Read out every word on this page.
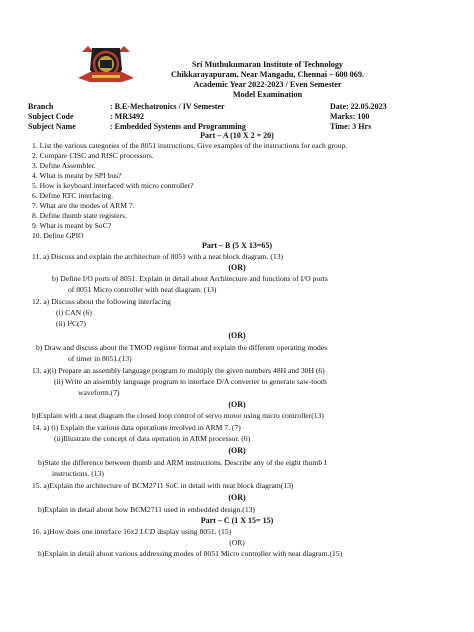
Sri Muthukumaran Institute of Technology
Chikkarayapuram, Near Mangadu, Chennai – 600 069.
Academic Year 2022-2023 / Even Semester
Model Examination
Branch	: B.E-Mechatronics / IV Semester	Date: 22.05.2023
Subject Code	: MR3492	Marks: 100
Subject Name	: Embedded Systems and Programming	Time: 3 Hrs
Part – A (10 X 2 = 20)
1. List the various categories of the 8051 instructions. Give examples of the instructions for each group.
2. Compare CISC and RISC processors.
3. Define Assembler.
4. What is meant by SPI bus?
5. How is keyboard interfaced with micro controller?
6. Define RTC interfacing.
7. What are the modes of ARM 7.
8. Define thumb state registers.
9. What is meant by SoC?
10. Define GPIO
Part – B (5 X 13=65)
11. a) Discuss and explain the architecture of 8051 with a neat block diagram. (13)
(OR)
b) Define I/O ports of 8051. Explain in detail about Architecture and functions of I/O ports
of 8051 Micro controller with neat diagram. (13)
12. a) Discuss about the following interfacing
(i) CAN (6)
(ii) I²C(7)
(OR)
b) Draw and discuss about the TMOD register format and explain the different operating modes
of timer in 8051.(13)
13. a)(i) Prepare an assembly language program to multiply the given numbers 48H and 30H (6)
(ii) Write an assembly language program to interface D/A converter to generate saw-tooth
waveform.(7)
(OR)
b)Explain with a neat diagram the closed loop control of servo motor using micro controller(13)
14. a) (i) Explain the various data operations involved in ARM 7. (7)
(ii)Illustrate the concept of data operation in ARM processor. (6)
(OR)
b)State the difference between thumb and ARM instructions. Describe any of the eight thumb I
instructions. (13)
15. a)Explain the architecture of BCM2711 SoC in detail with neat block diagram(13)
(OR)
b)Explain in detail about how BCM2711 used in embedded design.(13)
Part – C (1 X 15= 15)
16. a)How does one interface 16x2 LCD display using 8051. (15)
(OR)
b)Explain in detail about various addressing modes of 8051 Micro controller with neat diagram.(15)
